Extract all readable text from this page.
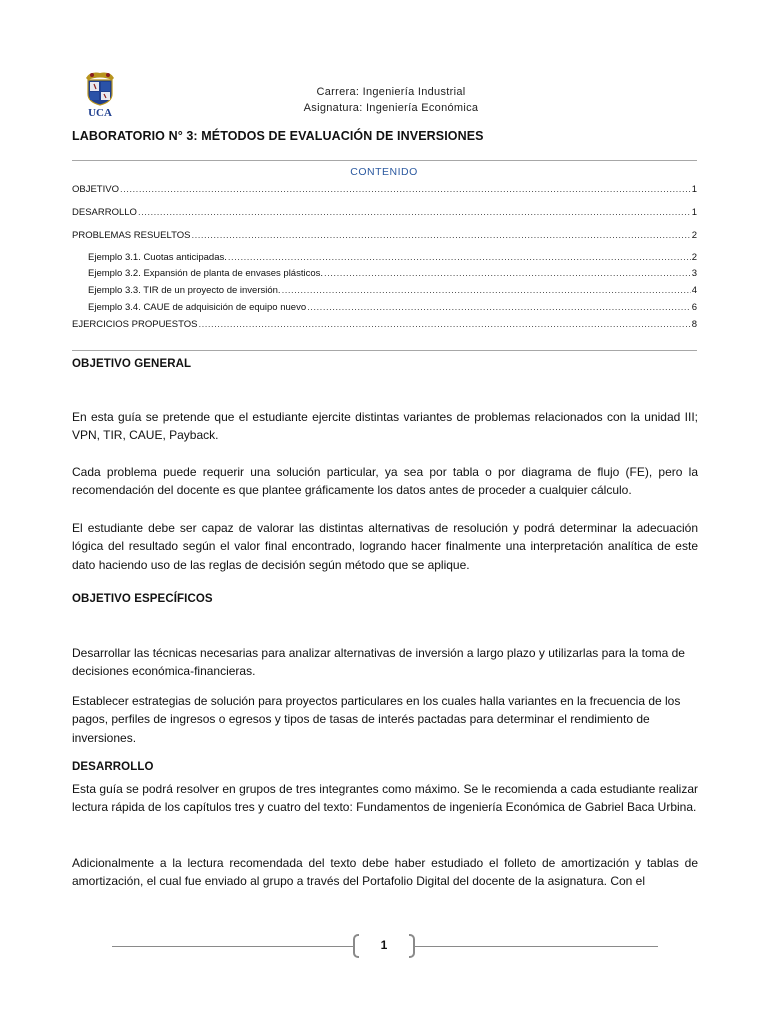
UCA
Carrera: Ingeniería Industrial
Asignatura: Ingeniería Económica
LABORATORIO N° 3: MÉTODOS DE EVALUACIÓN DE INVERSIONES
CONTENIDO
OBJETIVO .....	1
DESARROLLO .....	1
PROBLEMAS RESUELTOS .....	2
Ejemplo 3.1. Cuotas anticipadas. .....	2
Ejemplo 3.2. Expansión de planta de envases plásticos. .....	3
Ejemplo 3.3. TIR de un proyecto de inversión. .....	4
Ejemplo 3.4. CAUE de adquisición de equipo nuevo .....	6
EJERCICIOS PROPUESTOS .....	8
OBJETIVO GENERAL
En esta guía se pretende que el estudiante ejercite distintas variantes de problemas relacionados con la unidad III; VPN, TIR, CAUE, Payback.
Cada problema puede requerir una solución particular, ya sea por tabla o por diagrama de flujo (FE), pero la recomendación del docente es que plantee gráficamente los datos antes de proceder a cualquier cálculo.
El estudiante debe ser capaz de valorar las distintas alternativas de resolución y podrá determinar la adecuación lógica del resultado según el valor final encontrado, logrando hacer finalmente una interpretación analítica de este dato haciendo uso de las reglas de decisión según método que se aplique.
OBJETIVO ESPECÍFICOS
Desarrollar las técnicas necesarias para analizar alternativas de inversión a largo plazo y utilizarlas para la toma de decisiones económica-financieras.
Establecer estrategias de solución para proyectos particulares en los cuales halla variantes en la frecuencia de los pagos, perfiles de ingresos o egresos y tipos de tasas de interés pactadas para determinar el rendimiento de inversiones.
DESARROLLO
Esta guía se podrá resolver en grupos de tres integrantes como máximo. Se le recomienda a cada estudiante realizar lectura rápida de los capítulos tres y cuatro del texto: Fundamentos de ingeniería Económica de Gabriel Baca Urbina.
Adicionalmente a la lectura recomendada del texto debe haber estudiado el folleto de amortización y tablas de amortización, el cual fue enviado al grupo a través del Portafolio Digital del docente de la asignatura. Con el
1
